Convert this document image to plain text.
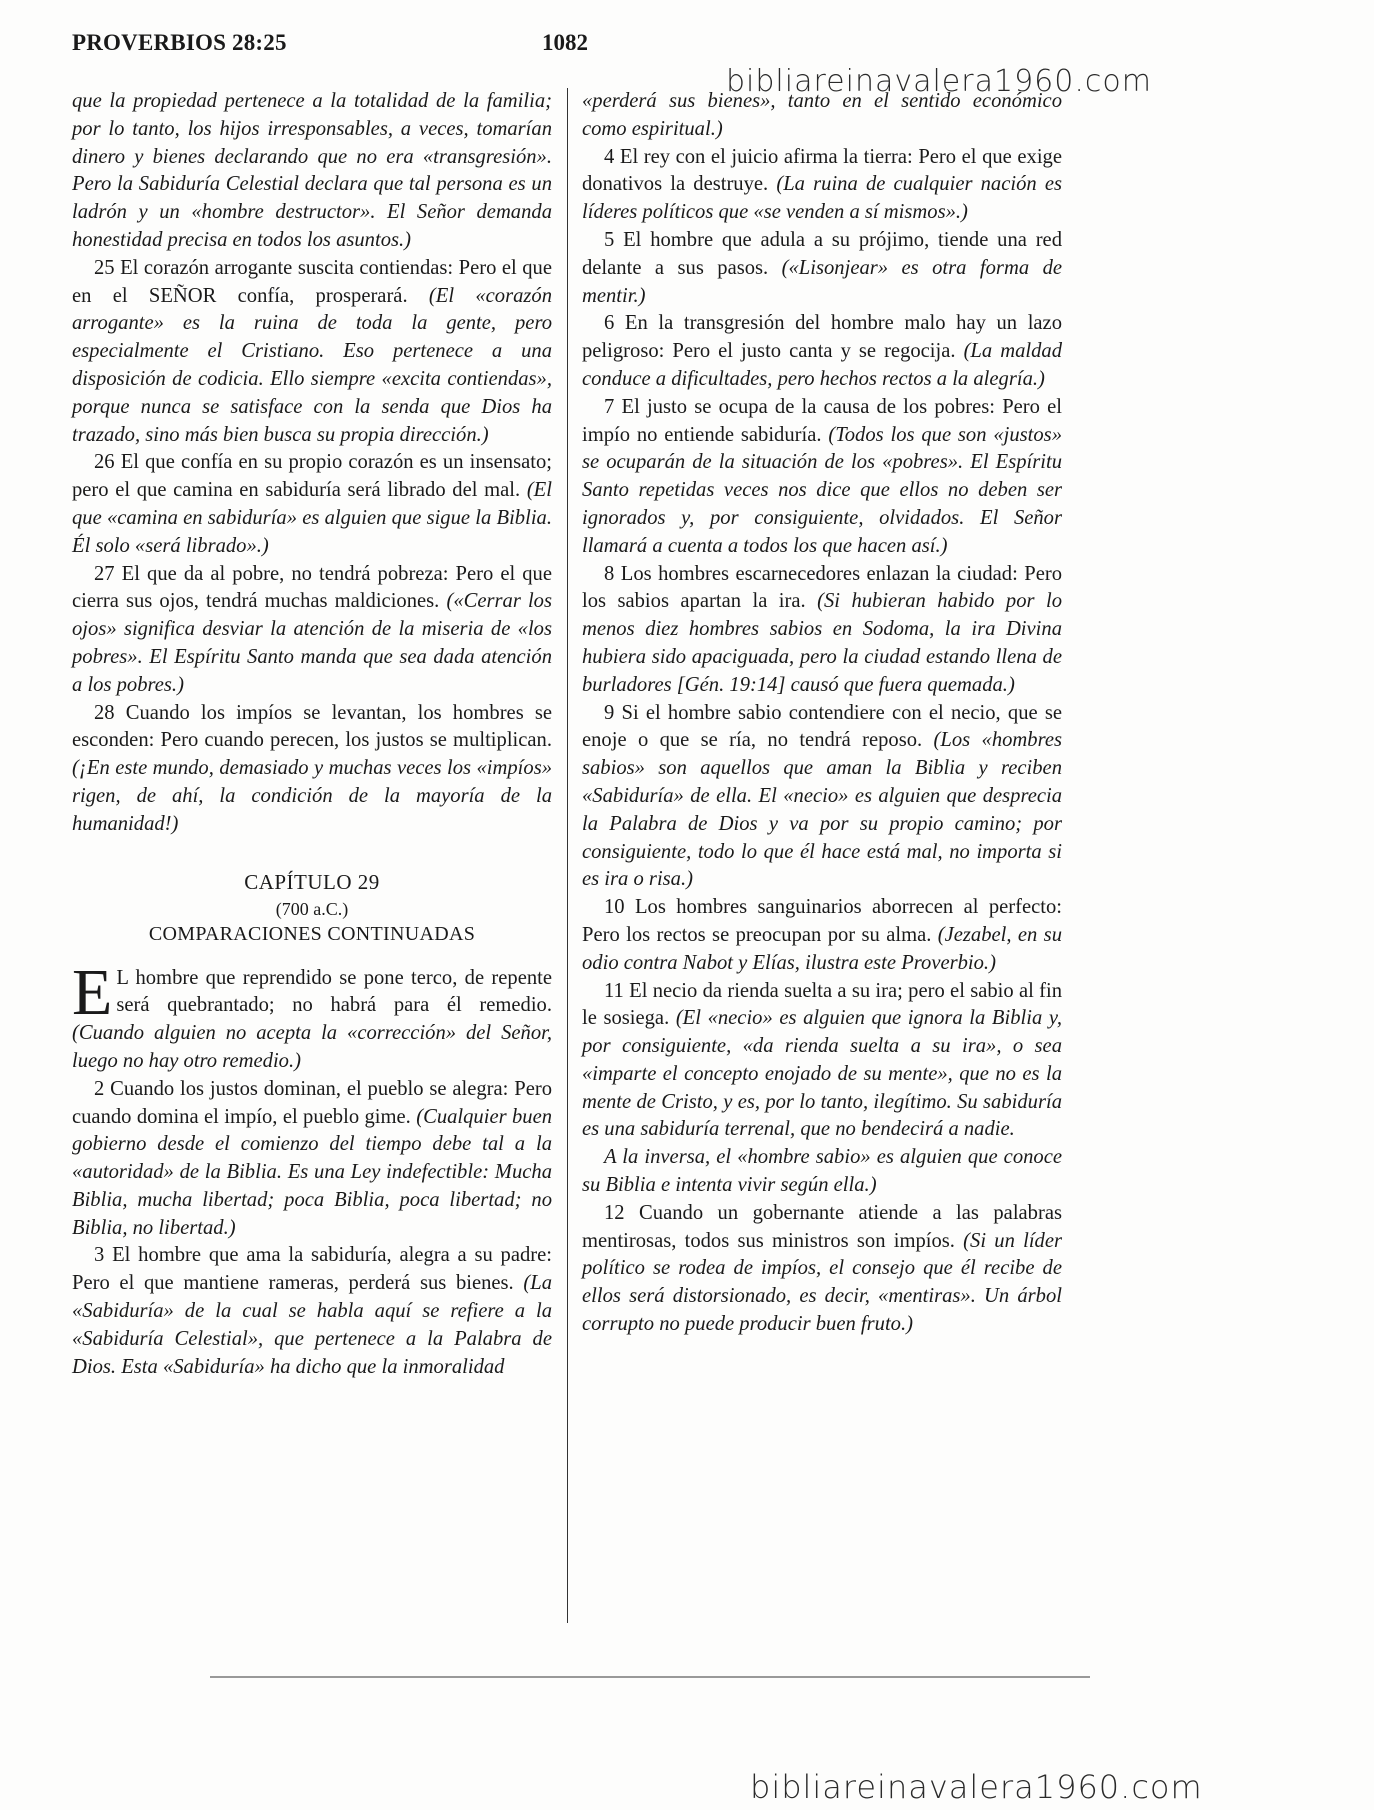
PROVERBIOS 28:25	1082
bibliareinavalera1960.com

que la propiedad pertenece a la totalidad de la familia; por lo tanto, los hijos irresponsables, a veces, tomarían dinero y bienes declarando que no era «transgresión». Pero la Sabiduría Celestial declara que tal persona es un ladrón y un «hombre destructor». El Señor demanda honestidad precisa en todos los asuntos.)

25 El corazón arrogante suscita contiendas: Pero el que en el SEÑOR confía, prosperará. (El «corazón arrogante» es la ruina de toda la gente, pero especialmente el Cristiano. Eso pertenece a una disposición de codicia. Ello siempre «excita contiendas», porque nunca se satisface con la senda que Dios ha trazado, sino más bien busca su propia dirección.)

26 El que confía en su propio corazón es un insensato; pero el que camina en sabiduría será librado del mal. (El que «camina en sabiduría» es alguien que sigue la Biblia. Él solo «será librado».)

27 El que da al pobre, no tendrá pobreza: Pero el que cierra sus ojos, tendrá muchas maldiciones. («Cerrar los ojos» significa desviar la atención de la miseria de «los pobres». El Espíritu Santo manda que sea dada atención a los pobres.)

28 Cuando los impíos se levantan, los hombres se esconden: Pero cuando perecen, los justos se multiplican. (¡En este mundo, demasiado y muchas veces los «impíos» rigen, de ahí, la condición de la mayoría de la humanidad!)

CAPÍTULO 29
(700 a.C.)
COMPARACIONES CONTINUADAS

E L hombre que reprendido se pone terco, de repente será quebrantado; no habrá para él remedio. (Cuando alguien no acepta la «corrección» del Señor, luego no hay otro remedio.)

2 Cuando los justos dominan, el pueblo se alegra: Pero cuando domina el impío, el pueblo gime. (Cualquier buen gobierno desde el comienzo del tiempo debe tal a la «autoridad» de la Biblia. Es una Ley indefectible: Mucha Biblia, mucha libertad; poca Biblia, poca libertad; no Biblia, no libertad.)

3 El hombre que ama la sabiduría, alegra a su padre: Pero el que mantiene rameras, perderá sus bienes. (La «Sabiduría» de la cual se habla aquí se refiere a la «Sabiduría Celestial», que pertenece a la Palabra de Dios. Esta «Sabiduría» ha dicho que la inmoralidad

«perderá sus bienes», tanto en el sentido económico como espiritual.)

4 El rey con el juicio afirma la tierra: Pero el que exige donativos la destruye. (La ruina de cualquier nación es líderes políticos que «se venden a sí mismos».)

5 El hombre que adula a su prójimo, tiende una red delante a sus pasos. («Lisonjear» es otra forma de mentir.)

6 En la transgresión del hombre malo hay un lazo peligroso: Pero el justo canta y se regocija. (La maldad conduce a dificultades, pero hechos rectos a la alegría.)

7 El justo se ocupa de la causa de los pobres: Pero el impío no entiende sabiduría. (Todos los que son «justos» se ocuparán de la situación de los «pobres». El Espíritu Santo repetidas veces nos dice que ellos no deben ser ignorados y, por consiguiente, olvidados. El Señor llamará a cuenta a todos los que hacen así.)

8 Los hombres escarnecedores enlazan la ciudad: Pero los sabios apartan la ira. (Si hubieran habido por lo menos diez hombres sabios en Sodoma, la ira Divina hubiera sido apaciguada, pero la ciudad estando llena de burladores [Gén. 19:14] causó que fuera quemada.)

9 Si el hombre sabio contendiere con el necio, que se enoje o que se ría, no tendrá reposo. (Los «hombres sabios» son aquellos que aman la Biblia y reciben «Sabiduría» de ella. El «necio» es alguien que desprecia la Palabra de Dios y va por su propio camino; por consiguiente, todo lo que él hace está mal, no importa si es ira o risa.)

10 Los hombres sanguinarios aborrecen al perfecto: Pero los rectos se preocupan por su alma. (Jezabel, en su odio contra Nabot y Elías, ilustra este Proverbio.)

11 El necio da rienda suelta a su ira; pero el sabio al fin le sosiega. (El «necio» es alguien que ignora la Biblia y, por consiguiente, «da rienda suelta a su ira», o sea «imparte el concepto enojado de su mente», que no es la mente de Cristo, y es, por lo tanto, ilegítimo. Su sabiduría es una sabiduría terrenal, que no bendecirá a nadie.

A la inversa, el «hombre sabio» es alguien que conoce su Biblia e intenta vivir según ella.)

12 Cuando un gobernante atiende a las palabras mentirosas, todos sus ministros son impíos. (Si un líder político se rodea de impíos, el consejo que él recibe de ellos será distorsionado, es decir, «mentiras». Un árbol corrupto no puede producir buen fruto.)

bibliareinavalera1960.com
